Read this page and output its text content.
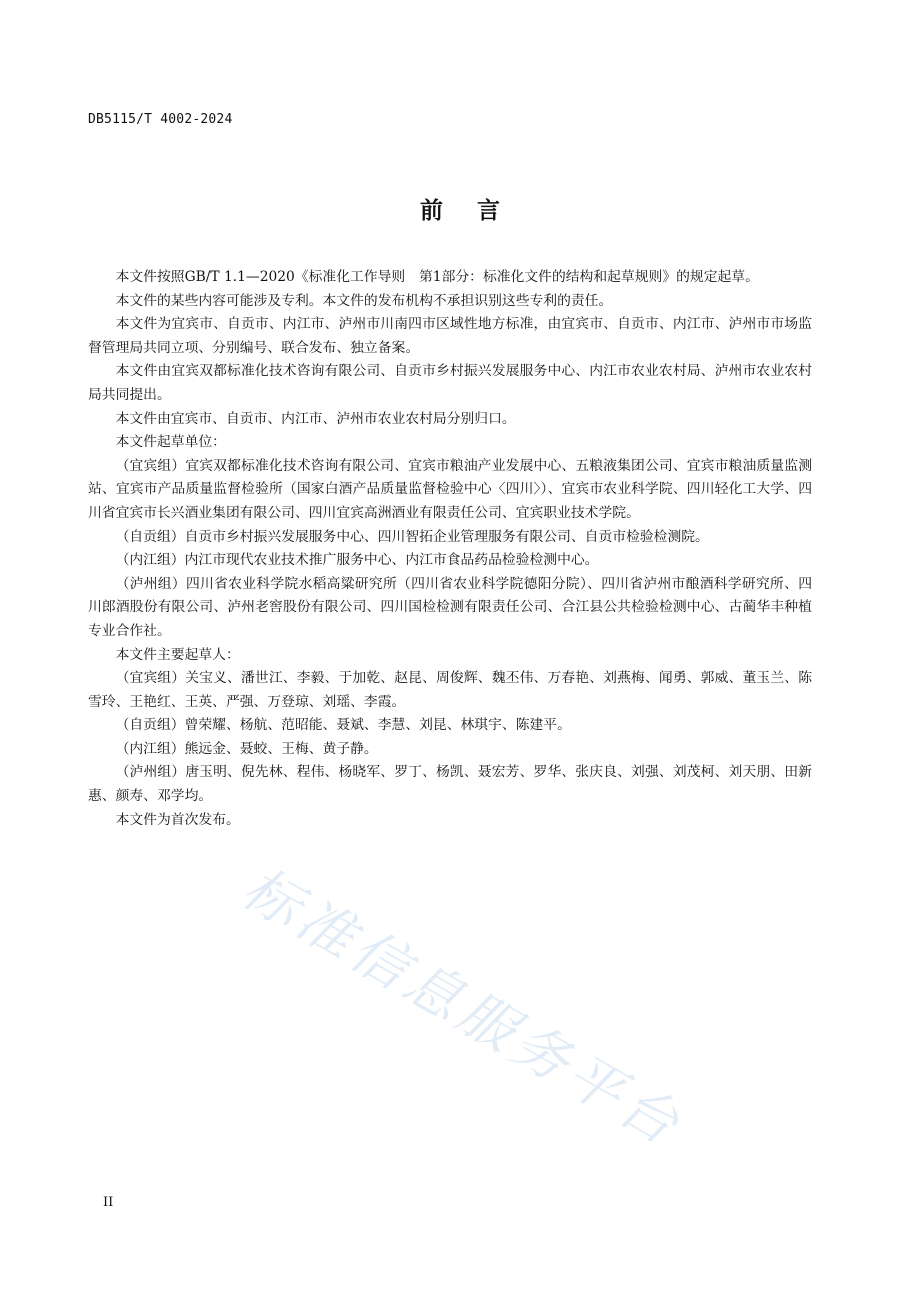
DB5115/T 4002-2024
前言

本文件按照GB/T 1.1—2020《标准化工作导则　第1部分：标准化文件的结构和起草规则》的规定起草。

本文件的某些内容可能涉及专利。本文件的发布机构不承担识别这些专利的责任。

本文件为宜宾市、自贡市、内江市、泸州市川南四市区域性地方标准，由宜宾市、自贡市、内江市、泸州市市场监督管理局共同立项、分别编号、联合发布、独立备案。

本文件由宜宾双都标准化技术咨询有限公司、自贡市乡村振兴发展服务中心、内江市农业农村局、泸州市农业农村局共同提出。

本文件由宜宾市、自贡市、内江市、泸州市农业农村局分别归口。

本文件起草单位：

（宜宾组）宜宾双都标准化技术咨询有限公司、宜宾市粮油产业发展中心、五粮液集团公司、宜宾市粮油质量监测站、宜宾市产品质量监督检验所（国家白酒产品质量监督检验中心〈四川〉）、宜宾市农业科学院、四川轻化工大学、四川省宜宾市长兴酒业集团有限公司、四川宜宾高洲酒业有限责任公司、宜宾职业技术学院。

（自贡组）自贡市乡村振兴发展服务中心、四川智拓企业管理服务有限公司、自贡市检验检测院。

（内江组）内江市现代农业技术推广服务中心、内江市食品药品检验检测中心。

（泸州组）四川省农业科学院水稻高粱研究所（四川省农业科学院德阳分院）、四川省泸州市酿酒科学研究所、四川郎酒股份有限公司、泸州老窖股份有限公司、四川国检检测有限责任公司、合江县公共检验检测中心、古蔺华丰种植专业合作社。

本文件主要起草人：

（宜宾组）关宝义、潘世江、李毅、于加乾、赵昆、周俊辉、魏丕伟、万春艳、刘燕梅、闻勇、郭威、董玉兰、陈雪玲、王艳红、王英、严强、万登琼、刘瑶、李霞。

（自贡组）曾荣耀、杨航、范昭能、聂斌、李慧、刘昆、林琪宇、陈建平。

（内江组）熊远金、聂蛟、王梅、黄子静。

（泸州组）唐玉明、倪先林、程伟、杨晓军、罗丁、杨凯、聂宏芳、罗华、张庆良、刘强、刘茂柯、刘天朋、田新惠、颜寿、邓学均。

本文件为首次发布。

标准信息服务平台
II
